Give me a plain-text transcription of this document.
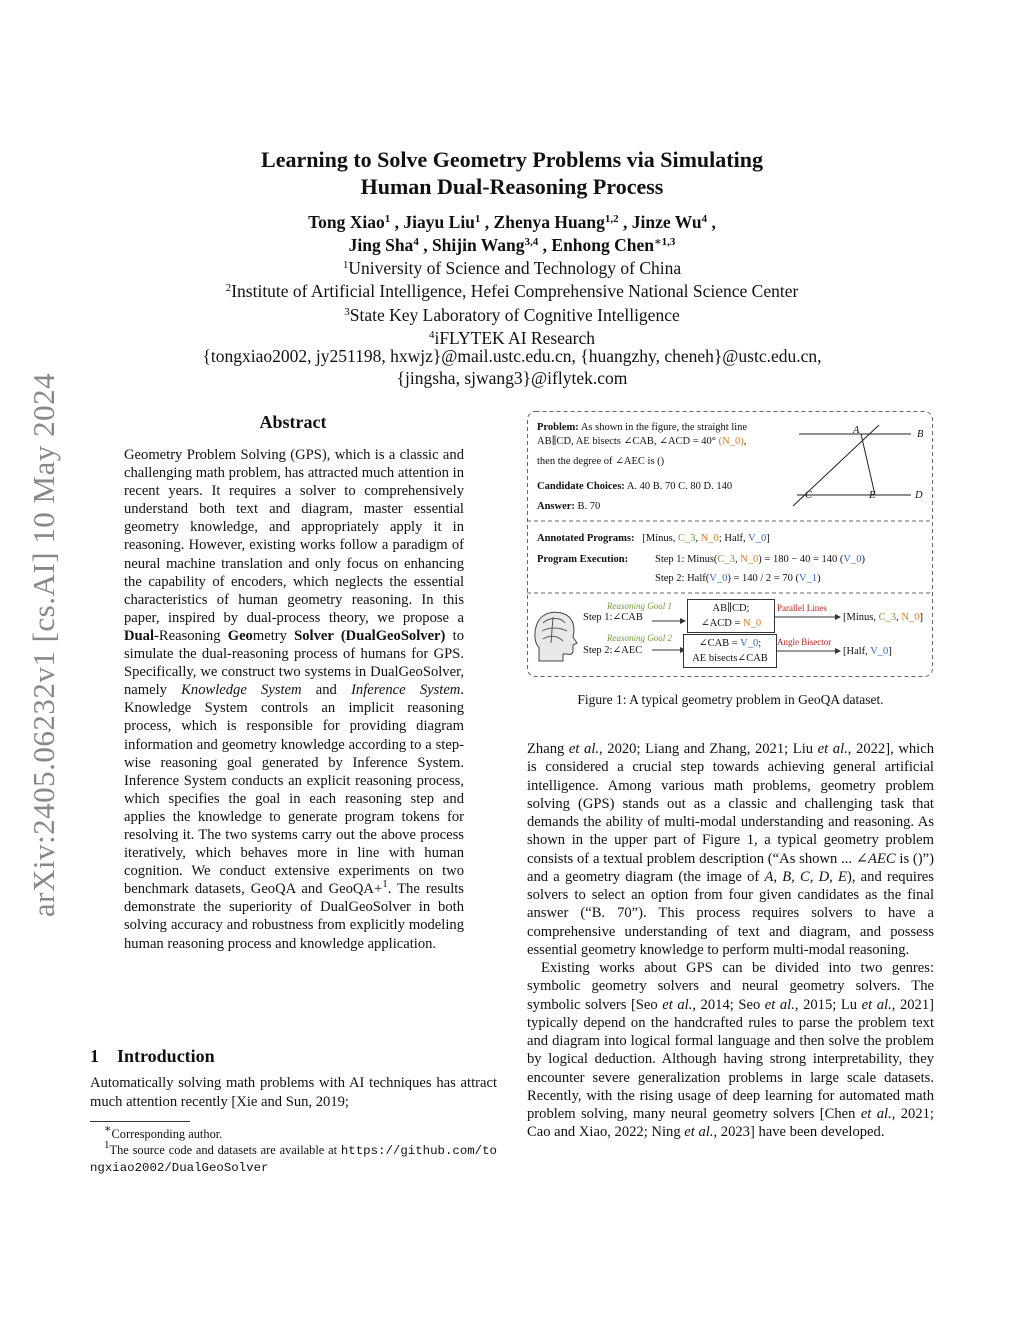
arXiv:2405.06232v1 [cs.AI] 10 May 2024
Learning to Solve Geometry Problems via Simulating
Human Dual-Reasoning Process
Tong Xiao$^1$ , Jiayu Liu$^1$ , Zhenya Huang$^{1,2}$ , Jinze Wu$^4$ ,
Jing Sha$^4$ , Shijin Wang$^{3,4}$ , Enhong Chen$^{∗1,3}$
$^1$University of Science and Technology of China
$^2$Institute of Artificial Intelligence, Hefei Comprehensive National Science Center
$^3$State Key Laboratory of Cognitive Intelligence
$^4$iFLYTEK AI Research
{tongxiao2002, jy251198, hxwjz}@mail.ustc.edu.cn, {huangzhy, cheneh}@ustc.edu.cn,
{jingsha, sjwang3}@iflytek.com
Abstract
Geometry Problem Solving (GPS), which is a classic and challenging math problem, has attracted much attention in recent years. It requires a solver to comprehensively understand both text and diagram, master essential geometry knowledge, and appropriately apply it in reasoning. However, existing works follow a paradigm of neural machine translation and only focus on enhancing the capability of encoders, which neglects the essential characteristics of human geometry reasoning. In this paper, inspired by dual-process theory, we propose a Dual-Reasoning Geometry Solver (DualGeoSolver) to simulate the dual-reasoning process of humans for GPS. Specifically, we construct two systems in DualGeoSolver, namely Knowledge System and Inference System. Knowledge System controls an implicit reasoning process, which is responsible for providing diagram information and geometry knowledge according to a step-wise reasoning goal generated by Inference System. Inference System conducts an explicit reasoning process, which specifies the goal in each reasoning step and applies the knowledge to generate program tokens for resolving it. The two systems carry out the above process iteratively, which behaves more in line with human cognition. We conduct extensive experiments on two benchmark datasets, GeoQA and GeoQA+$^1$. The results demonstrate the superiority of DualGeoSolver in both solving accuracy and robustness from explicitly modeling human reasoning process and knowledge application.
1    Introduction
Automatically solving math problems with AI techniques has attract much attention recently [Xie and Sun, 2019;
∗Corresponding author.
$^1$The source code and datasets are available at https://github.com/tongxiao2002/DualGeoSolver
Problem: As shown in the figure, the straight line
AB∥CD, AE bisects ∠CAB, ∠ACD = 40° (N_0),
then the degree of ∠AEC is ()
Candidate Choices: A. 40 B. 70 C. 80 D. 140
Answer: B. 70
A	B
C	E	D
Annotated Programs: [Minus, C_3, N_0; Half, V_0]
Program Execution:	Step 1: Minus(C_3, N_0) = 180 − 40 = 140 (V_0)
Step 2: Half(V_0) = 140 / 2 = 70 (V_1)
Reasoning Goal 1
Step 1:∠CAB
Reasoning Goal 2
Step 2:∠AEC
AB∥CD;
∠ACD = N_0
∠CAB = V_0;
AE bisects∠CAB
Parallel Lines
Angle Bisector
[Minus, C_3, N_0]
[Half, V_0]
Figure 1: A typical geometry problem in GeoQA dataset.

Zhang et al., 2020; Liang and Zhang, 2021; Liu et al., 2022], which is considered a crucial step towards achieving general artificial intelligence. Among various math problems, geometry problem solving (GPS) stands out as a classic and challenging task that demands the ability of multi-modal understanding and reasoning. As shown in the upper part of Figure 1, a typical geometry problem consists of a textual problem description (“As shown ... ∠AEC is ()”) and a geometry diagram (the image of A, B, C, D, E), and requires solvers to select an option from four given candidates as the final answer (“B. 70”). This process requires solvers to have a comprehensive understanding of text and diagram, and possess essential geometry knowledge to perform multi-modal reasoning.

Existing works about GPS can be divided into two genres: symbolic geometry solvers and neural geometry solvers. The symbolic solvers [Seo et al., 2014; Seo et al., 2015; Lu et al., 2021] typically depend on the handcrafted rules to parse the problem text and diagram into logical formal language and then solve the problem by logical deduction. Although having strong interpretability, they encounter severe generalization problems in large scale datasets. Recently, with the rising usage of deep learning for automated math problem solving, many neural geometry solvers [Chen et al., 2021; Cao and Xiao, 2022; Ning et al., 2023] have been developed.
